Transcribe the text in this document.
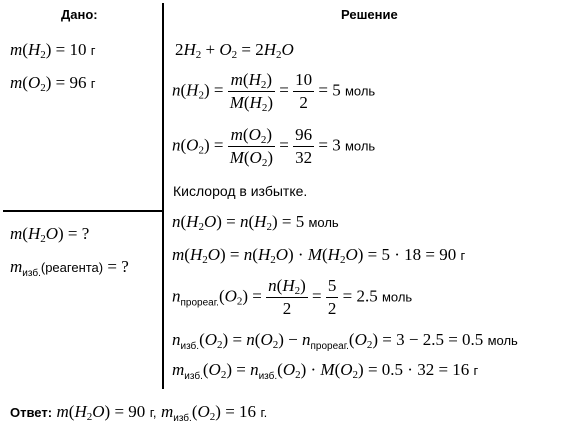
Дано:	Решение
$m(H_2) = 10$ г
$m(O_2) = 96$ г
$m(H_2O)$ = ?
$m_{изб.}(реагента)$ = ?
$2H_2 + O_2 = 2H_2O$
$n(H_2) = \frac{m(H_2)}{M(H_2)} = \frac{10}{2} = 5$ моль
$n(O_2) = \frac{m(O_2)}{M(O_2)} = \frac{96}{32} = 3$ моль
Кислород в избытке.
$n(H_2O) = n(H_2) = 5$ моль
$m(H_2O) = n(H_2O) \cdot M(H_2O) = 5 \cdot 18 = 90$ г
$n_{прореаг.}(O_2) = \frac{n(H_2)}{2} = \frac{5}{2} = 2.5$ моль
$n_{изб.}(O_2) = n(O_2) - n_{прореаг.}(O_2) = 3 - 2.5 = 0.5$ моль
$m_{изб.}(O_2) = n_{изб.}(O_2) \cdot M(O_2) = 0.5 \cdot 32 = 16$ г
Ответ: $m(H_2O) = 90$ г, $m_{изб.}(O_2) = 16$ г.
